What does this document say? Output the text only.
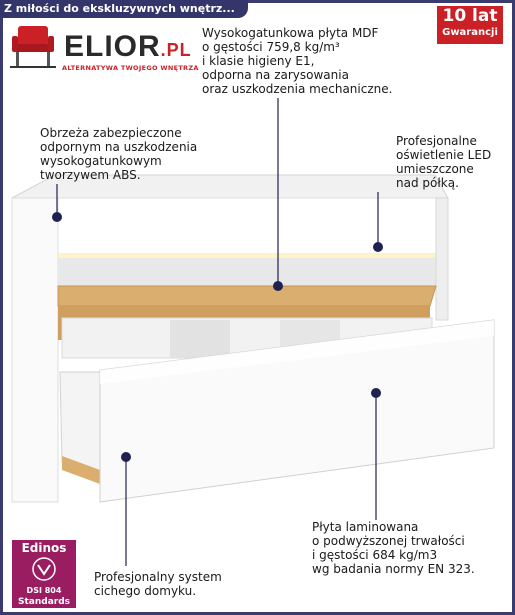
Z miłości do ekskluzywnych wnętrz...	10 lat
Gwarancji
ELIOR.PL
ALTERNATYWA TWOJEGO WNĘTRZA
Wysokogatunkowa płyta MDF
o gęstości 759,8 kg/m³
i klasie higieny E1,
odporna na zarysowania
oraz uszkodzenia mechaniczne.
Obrzeża zabezpieczone
odpornym na uszkodzenia
wysokogatunkowym
tworzywem ABS.
Profesjonalne
oświetlenie LED
umieszczone
nad półką.
Płyta laminowana
o podwyższonej trwałości
i gęstości 684 kg/m3
wg badania normy EN 323.
Profesjonalny system
cichego domyku.
Edinos
DSI 804
Standards
